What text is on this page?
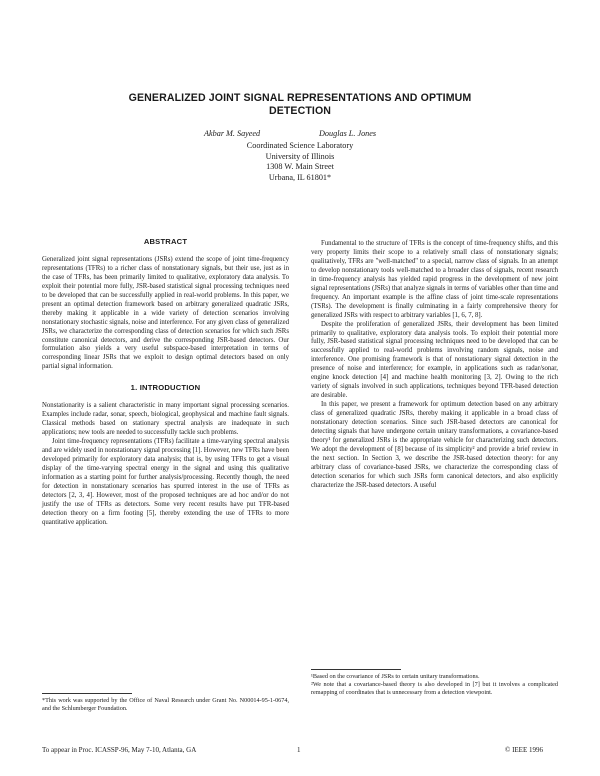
GENERALIZED JOINT SIGNAL REPRESENTATIONS AND OPTIMUM
DETECTION
Akbar M. Sayeed	Douglas L. Jones
Coordinated Science Laboratory
University of Illinois
1308 W. Main Street
Urbana, IL 61801*
ABSTRACT

Generalized joint signal representations (JSRs) extend the scope of joint time-frequency representations (TFRs) to a richer class of nonstationary signals, but their use, just as in the case of TFRs, has been primarily limited to qualitative, exploratory data analysis. To exploit their potential more fully, JSR-based statistical signal processing techniques need to be developed that can be successfully applied in real-world problems. In this paper, we present an optimal detection framework based on arbitrary generalized quadratic JSRs, thereby making it applicable in a wide variety of detection scenarios involving nonstationary stochastic signals, noise and interference. For any given class of generalized JSRs, we characterize the corresponding class of detection scenarios for which such JSRs constitute canonical detectors, and derive the corresponding JSR-based detectors. Our formulation also yields a very useful subspace-based interpretation in terms of corresponding linear JSRs that we exploit to design optimal detectors based on only partial signal information.

1. INTRODUCTION

Nonstationarity is a salient characteristic in many important signal processing scenarios. Examples include radar, sonar, speech, biological, geophysical and machine fault signals. Classical methods based on stationary spectral analysis are inadequate in such applications; new tools are needed to successfully tackle such problems.

Joint time-frequency representations (TFRs) facilitate a time-varying spectral analysis and are widely used in nonstationary signal processing [1]. However, new TFRs have been developed primarily for exploratory data analysis; that is, by using TFRs to get a visual display of the time-varying spectral energy in the signal and using this qualitative information as a starting point for further analysis/processing. Recently though, the need for detection in nonstationary scenarios has spurred interest in the use of TFRs as detectors [2, 3, 4]. However, most of the proposed techniques are ad hoc and/or do not justify the use of TFRs as detectors. Some very recent results have put TFR-based detection theory on a firm footing [5], thereby extending the use of TFRs to more quantitative application.

Fundamental to the structure of TFRs is the concept of time-frequency shifts, and this very property limits their scope to a relatively small class of nonstationary signals; qualitatively, TFRs are "well-matched" to a special, narrow class of signals. In an attempt to develop nonstationary tools well-matched to a broader class of signals, recent research in time-frequency analysis has yielded rapid progress in the development of new joint signal representations (JSRs) that analyze signals in terms of variables other than time and frequency. An important example is the affine class of joint time-scale representations (TSRs). The development is finally culminating in a fairly comprehensive theory for generalized JSRs with respect to arbitrary variables [1, 6, 7, 8].

Despite the proliferation of generalized JSRs, their development has been limited primarily to qualitative, exploratory data analysis tools. To exploit their potential more fully, JSR-based statistical signal processing techniques need to be developed that can be successfully applied to real-world problems involving random signals, noise and interference. One promising framework is that of nonstationary signal detection in the presence of noise and interference; for example, in applications such as radar/sonar, engine knock detection [4] and machine health monitoring [3, 2]. Owing to the rich variety of signals involved in such applications, techniques beyond TFR-based detection are desirable.

In this paper, we present a framework for optimum detection based on any arbitrary class of generalized quadratic JSRs, thereby making it applicable in a broad class of nonstationary detection scenarios. Since such JSR-based detectors are canonical for detecting signals that have undergone certain unitary transformations, a covariance-based theory¹ for generalized JSRs is the appropriate vehicle for characterizing such detectors. We adopt the development of [8] because of its simplicity² and provide a brief review in the next section. In Section 3, we describe the JSR-based detection theory: for any arbitrary class of covariance-based JSRs, we characterize the corresponding class of detection scenarios for which such JSRs form canonical detectors, and also explicitly characterize the JSR-based detectors. A useful

*This work was supported by the Office of Naval Research under Grant No. N00014-95-1-0674, and the Schlumberger Foundation.
¹Based on the covariance of JSRs to certain unitary transformations.
²We note that a covariance-based theory is also developed in [7] but it involves a complicated remapping of coordinates that is unnecessary from a detection viewpoint.
To appear in Proc. ICASSP-96, May 7-10, Atlanta, GA	1	© IEEE 1996
